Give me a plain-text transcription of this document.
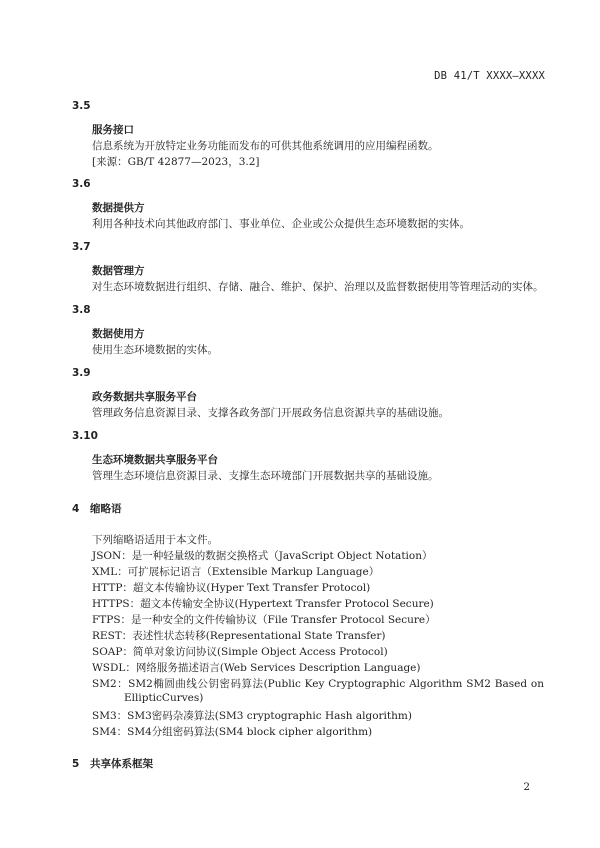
DB 41/T XXXX—XXXX
3.5
服务接口
信息系统为开放特定业务功能而发布的可供其他系统调用的应用编程函数。
[来源：GB/T 42877—2023，3.2]
3.6
数据提供方
利用各种技术向其他政府部门、事业单位、企业或公众提供生态环境数据的实体。
3.7
数据管理方
对生态环境数据进行组织、存储、融合、维护、保护、治理以及监督数据使用等管理活动的实体。
3.8
数据使用方
使用生态环境数据的实体。
3.9
政务数据共享服务平台
管理政务信息资源目录、支撑各政务部门开展政务信息资源共享的基础设施。
3.10
生态环境数据共享服务平台
管理生态环境信息资源目录、支撑生态环境部门开展数据共享的基础设施。
4 缩略语
下列缩略语适用于本文件。
JSON：是一种轻量级的数据交换格式（JavaScript Object Notation）
XML：可扩展标记语言（Extensible Markup Language）
HTTP：超文本传输协议(Hyper Text Transfer Protocol)
HTTPS：超文本传输安全协议(Hypertext Transfer Protocol Secure)
FTPS：是一种安全的文件传输协议（File Transfer Protocol Secure）
REST：表述性状态转移(Representational State Transfer)
SOAP：简单对象访问协议(Simple Object Access Protocol)
WSDL：网络服务描述语言(Web Services Description Language)
SM2：SM2椭圆曲线公钥密码算法(Public Key Cryptographic Algorithm SM2 Based on
EllipticCurves)
SM3：SM3密码杂凑算法(SM3 cryptographic Hash algorithm)
SM4：SM4分组密码算法(SM4 block cipher algorithm)
5 共享体系框架
2
